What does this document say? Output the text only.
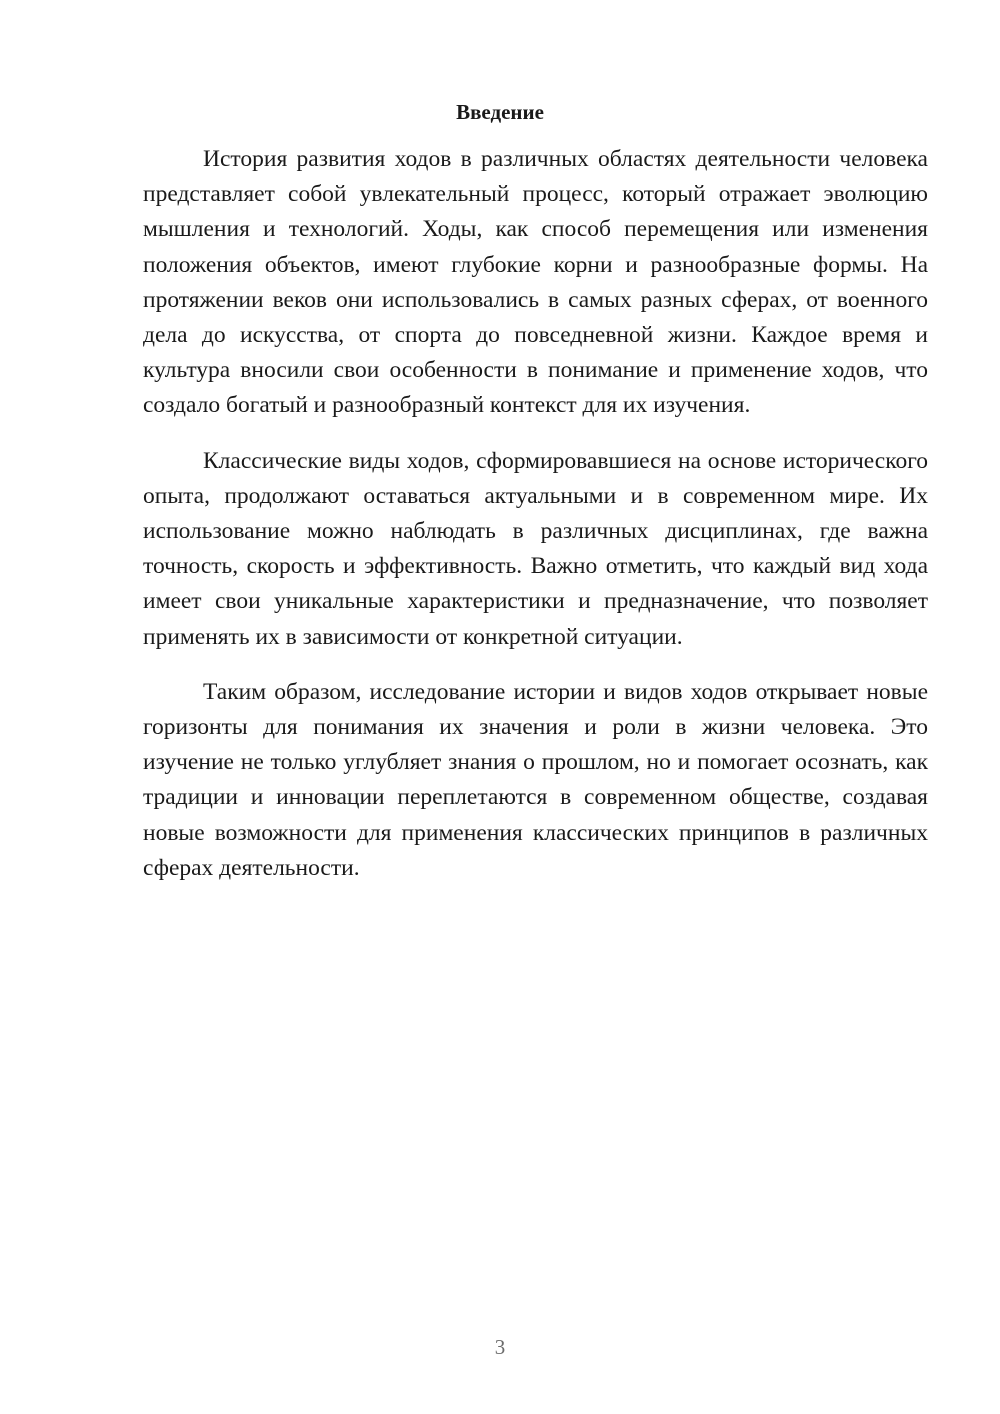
Введение

История развития ходов в различных областях деятельности человека представляет собой увлекательный процесс, который отражает эволюцию мышления и технологий. Ходы, как способ перемещения или изменения положения объектов, имеют глубокие корни и разнообразные формы. На протяжении веков они использовались в самых разных сферах, от военного дела до искусства, от спорта до повседневной жизни. Каждое время и культура вносили свои особенности в понимание и применение ходов, что создало богатый и разнообразный контекст для их изучения.

Классические виды ходов, сформировавшиеся на основе исторического опыта, продолжают оставаться актуальными и в современном мире. Их использование можно наблюдать в различных дисциплинах, где важна точность, скорость и эффективность. Важно отметить, что каждый вид хода имеет свои уникальные характеристики и предназначение, что позволяет применять их в зависимости от конкретной ситуации.

Таким образом, исследование истории и видов ходов открывает новые горизонты для понимания их значения и роли в жизни человека. Это изучение не только углубляет знания о прошлом, но и помогает осознать, как традиции и инновации переплетаются в современном обществе, создавая новые возможности для применения классических принципов в различных сферах деятельности.

3
